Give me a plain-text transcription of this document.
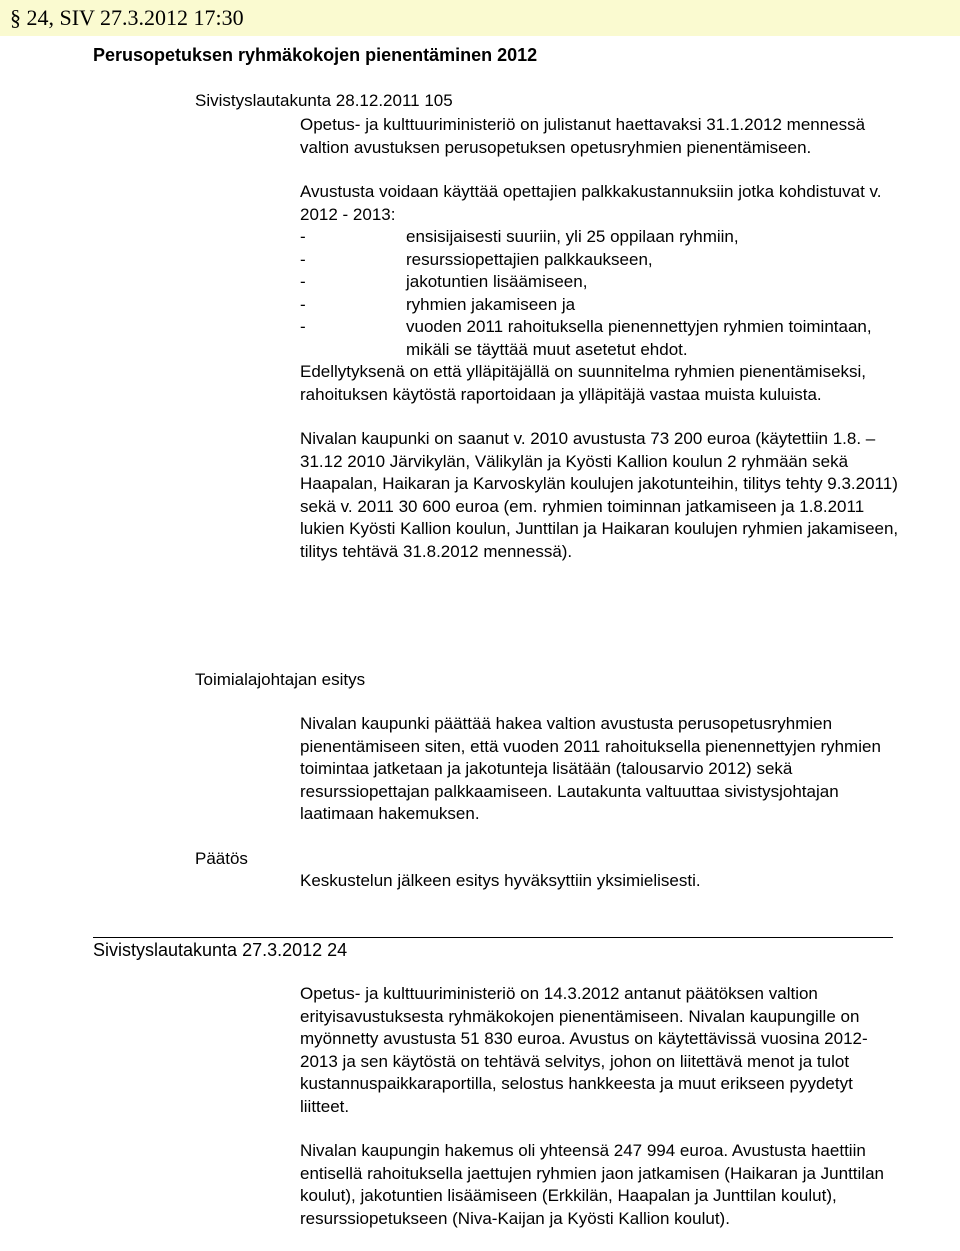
§ 24, SIV 27.3.2012 17:30
Perusopetuksen ryhmäkokojen pienentäminen 2012
Sivistyslautakunta 28.12.2011 105

Opetus- ja kulttuuriministeriö on julistanut haettavaksi 31.1.2012 mennessä valtion avustuksen perusopetuksen opetusryhmien pienentämiseen.

Avustusta voidaan käyttää opettajien palkkakustannuksiin jotka kohdistuvat v. 2012 - 2013:

- ensisijaisesti suuriin, yli 25 oppilaan ryhmiin,
- resurssiopettajien palkkaukseen,
- jakotuntien lisäämiseen,
- ryhmien jakamiseen ja
- vuoden 2011 rahoituksella pienennettyjen ryhmien toimintaan, mikäli se täyttää muut asetetut ehdot.

Edellytyksenä on että ylläpitäjällä on suunnitelma ryhmien pienentämiseksi, rahoituksen käytöstä raportoidaan ja ylläpitäjä vastaa muista kuluista.

Nivalan kaupunki on saanut v. 2010 avustusta 73 200 euroa (käytettiin 1.8. – 31.12 2010 Järvikylän, Välikylän ja Kyösti Kallion koulun 2 ryhmään sekä Haapalan, Haikaran ja Karvoskylän koulujen jakotunteihin, tilitys tehty 9.3.2011) sekä v. 2011 30 600 euroa (em. ryhmien toiminnan jatkamiseen ja 1.8.2011 lukien Kyösti Kallion koulun, Junttilan ja Haikaran koulujen ryhmien jakamiseen, tilitys tehtävä 31.8.2012 mennessä).

Toimialajohtajan esitys
Nivalan kaupunki päättää hakea valtion avustusta perusopetusryhmien pienentämiseen siten, että vuoden 2011 rahoituksella pienennettyjen ryhmien toimintaa jatketaan ja jakotunteja lisätään (talousarvio 2012) sekä resurssiopettajan palkkaamiseen. Lautakunta valtuuttaa sivistysjohtajan laatimaan hakemuksen.
Päätös
Keskustelun jälkeen esitys hyväksyttiin yksimielisesti.
Sivistyslautakunta 27.3.2012 24

Opetus- ja kulttuuriministeriö on 14.3.2012 antanut päätöksen valtion erityisavustuksesta ryhmäkokojen pienentämiseen. Nivalan kaupungille on myönnetty avustusta 51 830 euroa. Avustus on käytettävissä vuosina 2012-2013 ja sen käytöstä on tehtävä selvitys, johon on liitettävä menot ja tulot kustannuspaikkaraportilla, selostus hankkeesta ja muut erikseen pyydetyt liitteet.

Nivalan kaupungin hakemus oli yhteensä 247 994 euroa. Avustusta haettiin entisellä rahoituksella jaettujen ryhmien jaon jatkamisen (Haikaran ja Junttilan koulut), jakotuntien lisäämiseen (Erkkilän, Haapalan ja Junttilan koulut), resurssiopetukseen (Niva-Kaijan ja Kyösti Kallion koulut).
